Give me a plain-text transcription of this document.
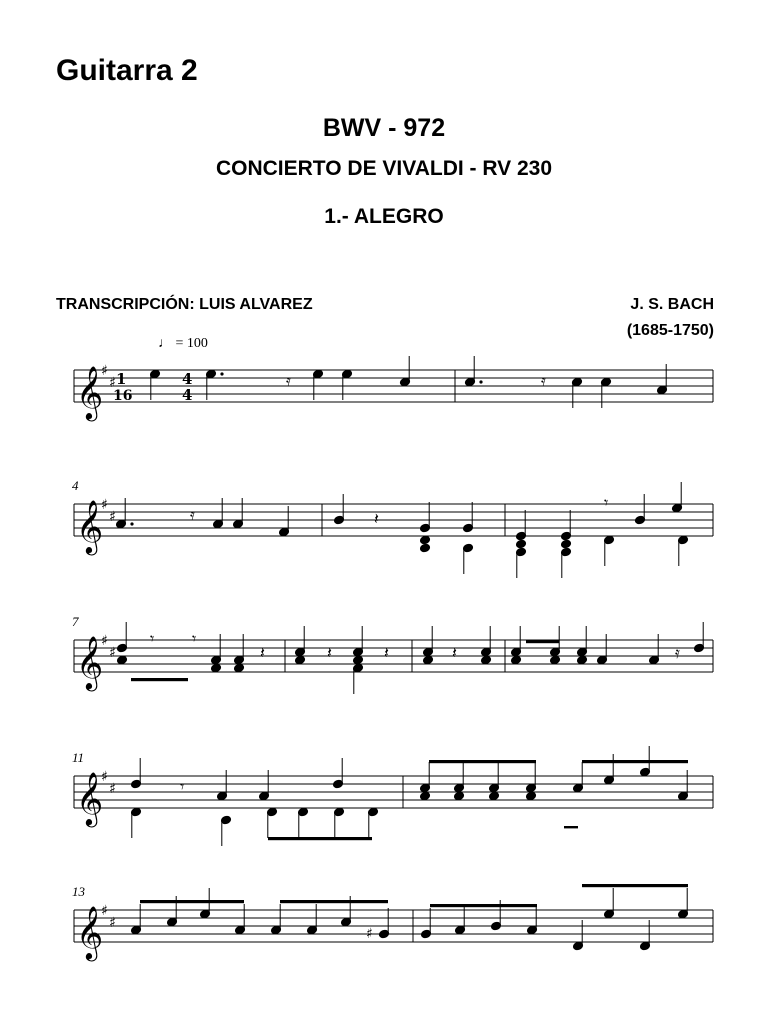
Guitarra 2
BWV - 972
CONCIERTO DE VIVALDI - RV 230
1.- ALEGRO
TRANSCRIPCIÓN: LUIS ALVAREZ	J. S. BACH
(1685-1750)
♩ = 100
4
7
11
13
𝄞
♯
♯
𝄞
♯
♯
𝄞
♯
♯
𝄞
♯
♯
𝄞
♯
♯
1
16
4
4
𝄿	𝄿
𝄿	𝄽
𝄾
𝄾 𝄾
𝄽	𝄽	𝄽	𝄽	𝄿
𝄾
♯
